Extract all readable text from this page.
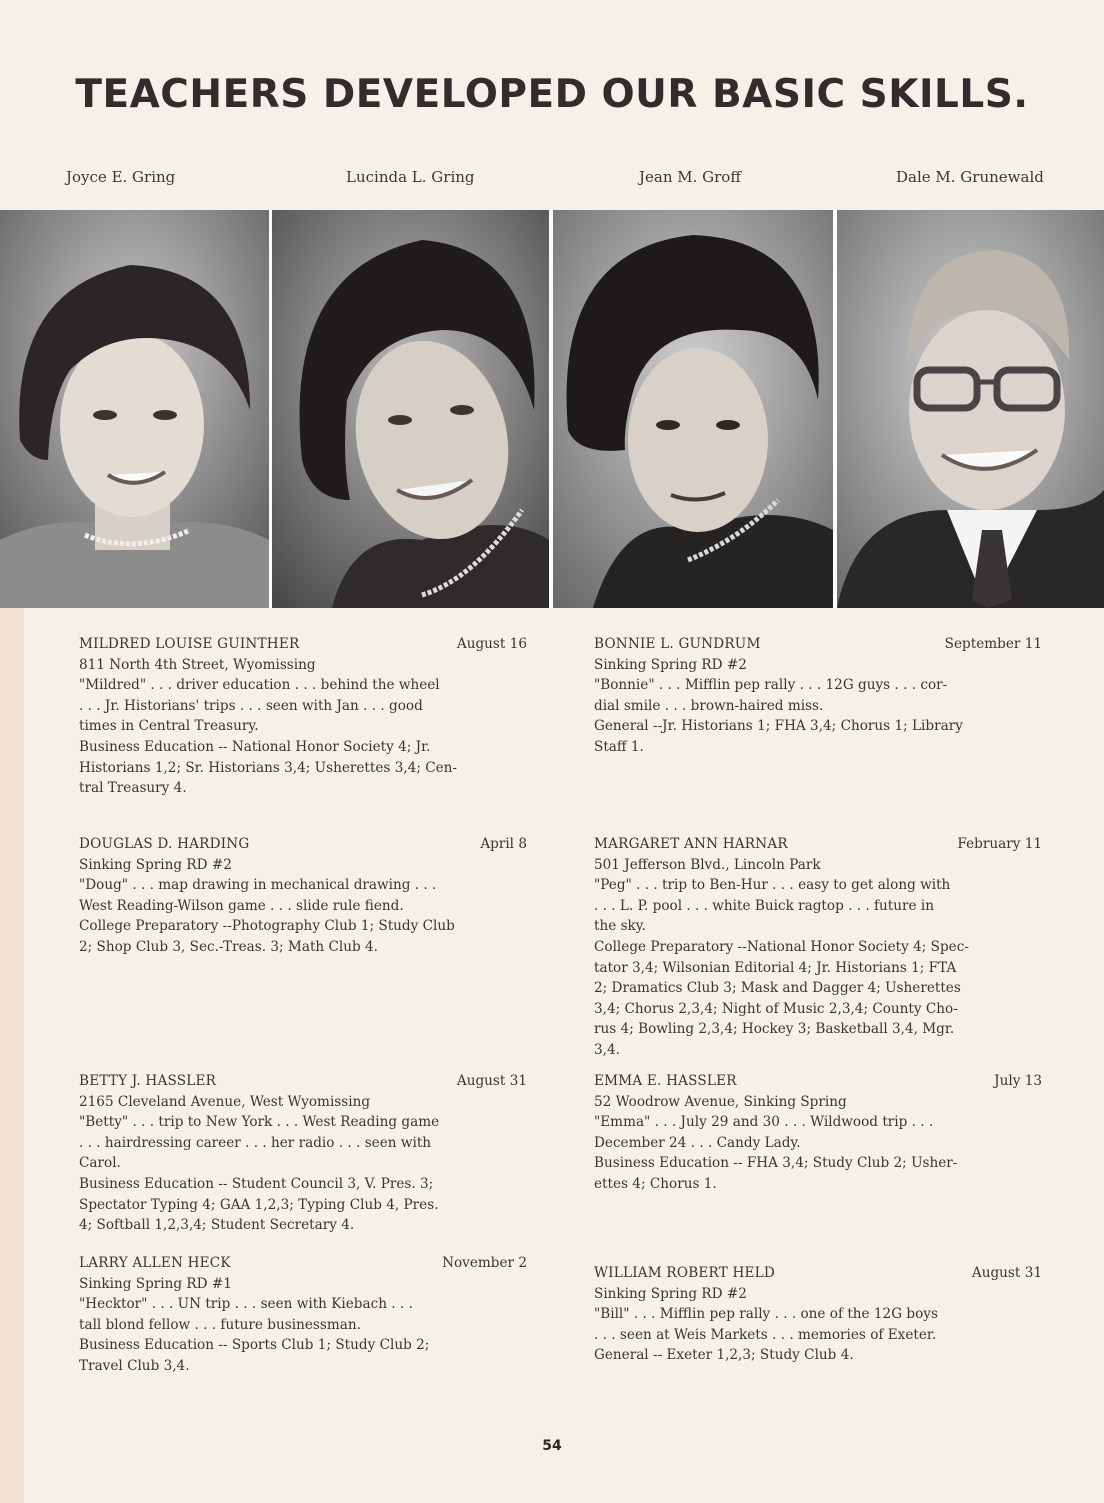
TEACHERS DEVELOPED OUR BASIC SKILLS.
Joyce E. Gring	Lucinda L. Gring	Jean M. Groff	Dale M. Grunewald
MILDRED LOUISE GUINTHER	August 16
811 North 4th Street, Wyomissing
"Mildred" . . . driver education . . . behind the wheel
. . . Jr. Historians' trips . . . seen with Jan . . . good
times in Central Treasury.
Business Education -- National Honor Society 4; Jr.
Historians 1,2; Sr. Historians 3,4; Usherettes 3,4; Cen-
tral Treasury 4.
BONNIE L. GUNDRUM	September 11
Sinking Spring RD #2
"Bonnie" . . . Mifflin pep rally . . . 12G guys . . . cor-
dial smile . . . brown-haired miss.
General --Jr. Historians 1; FHA 3,4; Chorus 1; Library
Staff 1.
DOUGLAS D. HARDING	April 8
Sinking Spring RD #2
"Doug" . . . map drawing in mechanical drawing . . .
West Reading-Wilson game . . . slide rule fiend.
College Preparatory --Photography Club 1; Study Club
2; Shop Club 3, Sec.-Treas. 3; Math Club 4.
MARGARET ANN HARNAR	February 11
501 Jefferson Blvd., Lincoln Park
"Peg" . . . trip to Ben-Hur . . . easy to get along with
. . . L. P. pool . . . white Buick ragtop . . . future in
the sky.
College Preparatory --National Honor Society 4; Spec-
tator 3,4; Wilsonian Editorial 4; Jr. Historians 1; FTA
2; Dramatics Club 3; Mask and Dagger 4; Usherettes
3,4; Chorus 2,3,4; Night of Music 2,3,4; County Cho-
rus 4; Bowling 2,3,4; Hockey 3; Basketball 3,4, Mgr.
3,4.
BETTY J. HASSLER	August 31
2165 Cleveland Avenue, West Wyomissing
"Betty" . . . trip to New York . . . West Reading game
. . . hairdressing career . . . her radio . . . seen with
Carol.
Business Education -- Student Council 3, V. Pres. 3;
Spectator Typing 4; GAA 1,2,3; Typing Club 4, Pres.
4; Softball 1,2,3,4; Student Secretary 4.
EMMA E. HASSLER	July 13
52 Woodrow Avenue, Sinking Spring
"Emma" . . . July 29 and 30 . . . Wildwood trip . . .
December 24 . . . Candy Lady.
Business Education -- FHA 3,4; Study Club 2; Usher-
ettes 4; Chorus 1.
LARRY ALLEN HECK	November 2
Sinking Spring RD #1
"Hecktor" . . . UN trip . . . seen with Kiebach . . .
tall blond fellow . . . future businessman.
Business Education -- Sports Club 1; Study Club 2;
Travel Club 3,4.
WILLIAM ROBERT HELD	August 31
Sinking Spring RD #2
"Bill" . . . Mifflin pep rally . . . one of the 12G boys
. . . seen at Weis Markets . . . memories of Exeter.
General -- Exeter 1,2,3; Study Club 4.
54
